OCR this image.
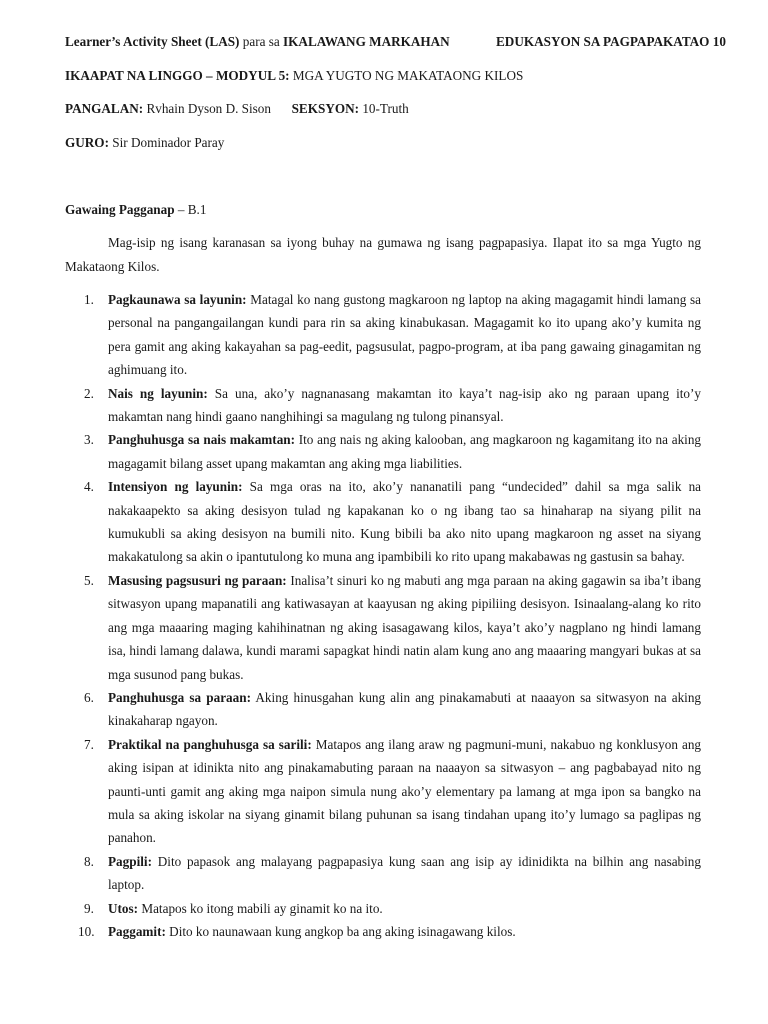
Learner’s Activity Sheet (LAS) para sa IKALAWANG MARKAHAN	EDUKASYON SA PAGPAPAKATAO 10
IKAAPAT NA LINGGO – MODYUL 5: MGA YUGTO NG MAKATAONG KILOS
PANGALAN: Rvhain Dyson D. Sison SEKSYON: 10-Truth
GURO: Sir Dominador Paray
Gawaing Pagganap – B.1
Mag-isip ng isang karanasan sa iyong buhay na gumawa ng isang pagpapasiya. Ilapat ito sa mga Yugto ng Makataong Kilos.
1. Pagkaunawa sa layunin: Matagal ko nang gustong magkaroon ng laptop na aking magagamit hindi lamang sa personal na pangangailangan kundi para rin sa aking kinabukasan. Magagamit ko ito upang ako’y kumita ng pera gamit ang aking kakayahan sa pag-eedit, pagsusulat, pagpo-program, at iba pang gawaing ginagamitan ng aghimuang ito.
2. Nais ng layunin: Sa una, ako’y nagnanasang makamtan ito kaya’t nag-isip ako ng paraan upang ito’y makamtan nang hindi gaano nanghihingi sa magulang ng tulong pinansyal.
3. Panghuhusga sa nais makamtan: Ito ang nais ng aking kalooban, ang magkaroon ng kagamitang ito na aking magagamit bilang asset upang makamtan ang aking mga liabilities.
4. Intensiyon ng layunin: Sa mga oras na ito, ako’y nananatili pang “undecided” dahil sa mga salik na nakakaapekto sa aking desisyon tulad ng kapakanan ko o ng ibang tao sa hinaharap na siyang pilit na kumukubli sa aking desisyon na bumili nito. Kung bibili ba ako nito upang magkaroon ng asset na siyang makakatulong sa akin o ipantutulong ko muna ang ipambibili ko rito upang makabawas ng gastusin sa bahay.
5. Masusing pagsusuri ng paraan: Inalisa’t sinuri ko ng mabuti ang mga paraan na aking gagawin sa iba’t ibang sitwasyon upang mapanatili ang katiwasayan at kaayusan ng aking pipiliing desisyon. Isinaalang-alang ko rito ang mga maaaring maging kahihinatnan ng aking isasagawang kilos, kaya’t ako’y nagplano ng hindi lamang isa, hindi lamang dalawa, kundi marami sapagkat hindi natin alam kung ano ang maaaring mangyari bukas at sa mga susunod pang bukas.
6. Panghuhusga sa paraan: Aking hinusgahan kung alin ang pinakamabuti at naaayon sa sitwasyon na aking kinakaharap ngayon.
7. Praktikal na panghuhusga sa sarili: Matapos ang ilang araw ng pagmuni-muni, nakabuo ng konklusyon ang aking isipan at idinikta nito ang pinakamabuting paraan na naaayon sa sitwasyon – ang pagbabayad nito ng paunti-unti gamit ang aking mga naipon simula nung ako’y elementary pa lamang at mga ipon sa bangko na mula sa aking iskolar na siyang ginamit bilang puhunan sa isang tindahan upang ito’y lumago sa paglipas ng panahon.
8. Pagpili: Dito papasok ang malayang pagpapasiya kung saan ang isip ay idinidikta na bilhin ang nasabing laptop.
9. Utos: Matapos ko itong mabili ay ginamit ko na ito.
10. Paggamit: Dito ko naunawaan kung angkop ba ang aking isinagawang kilos.
